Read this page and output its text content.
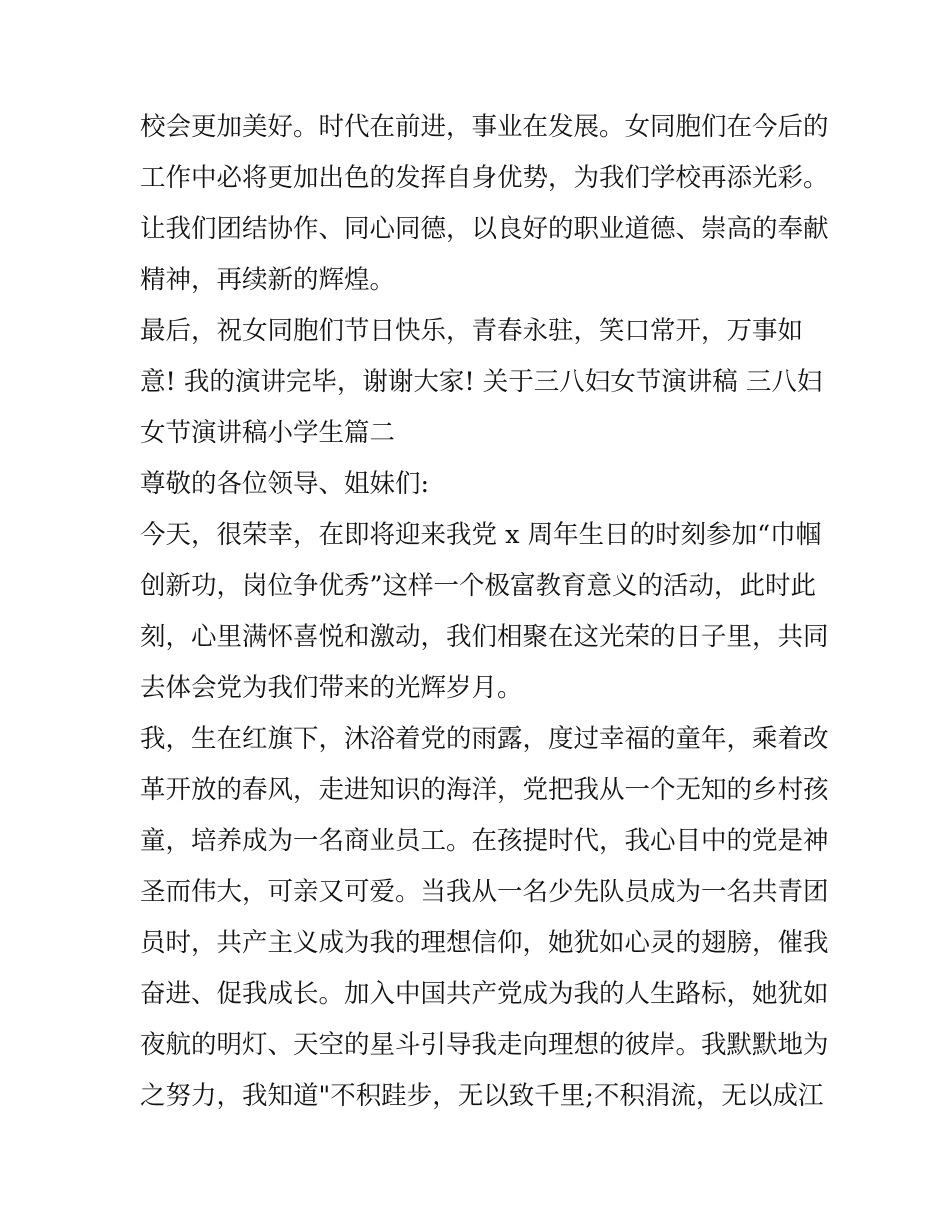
校会更加美好。时代在前进，事业在发展。女同胞们在今后的
工作中必将更加出色的发挥自身优势，为我们学校再添光彩。
让我们团结协作、同心同德，以良好的职业道德、崇高的奉献
精神，再续新的辉煌。
最后，祝女同胞们节日快乐，青春永驻，笑口常开，万事如
意! 我的演讲完毕，谢谢大家! 关于三八妇女节演讲稿 三八妇
女节演讲稿小学生篇二
尊敬的各位领导、姐妹们:
今天，很荣幸，在即将迎来我党 x 周年生日的时刻参加“巾帼
创新功，岗位争优秀”这样一个极富教育意义的活动，此时此
刻，心里满怀喜悦和激动，我们相聚在这光荣的日子里，共同
去体会党为我们带来的光辉岁月。
我，生在红旗下，沐浴着党的雨露，度过幸福的童年，乘着改
革开放的春风，走进知识的海洋，党把我从一个无知的乡村孩
童，培养成为一名商业员工。在孩提时代，我心目中的党是神
圣而伟大，可亲又可爱。当我从一名少先队员成为一名共青团
员时，共产主义成为我的理想信仰，她犹如心灵的翅膀，催我
奋进、促我成长。加入中国共产党成为我的人生路标，她犹如
夜航的明灯、天空的星斗引导我走向理想的彼岸。我默默地为
之努力，我知道"不积跬步，无以致千里;不积涓流，无以成江
